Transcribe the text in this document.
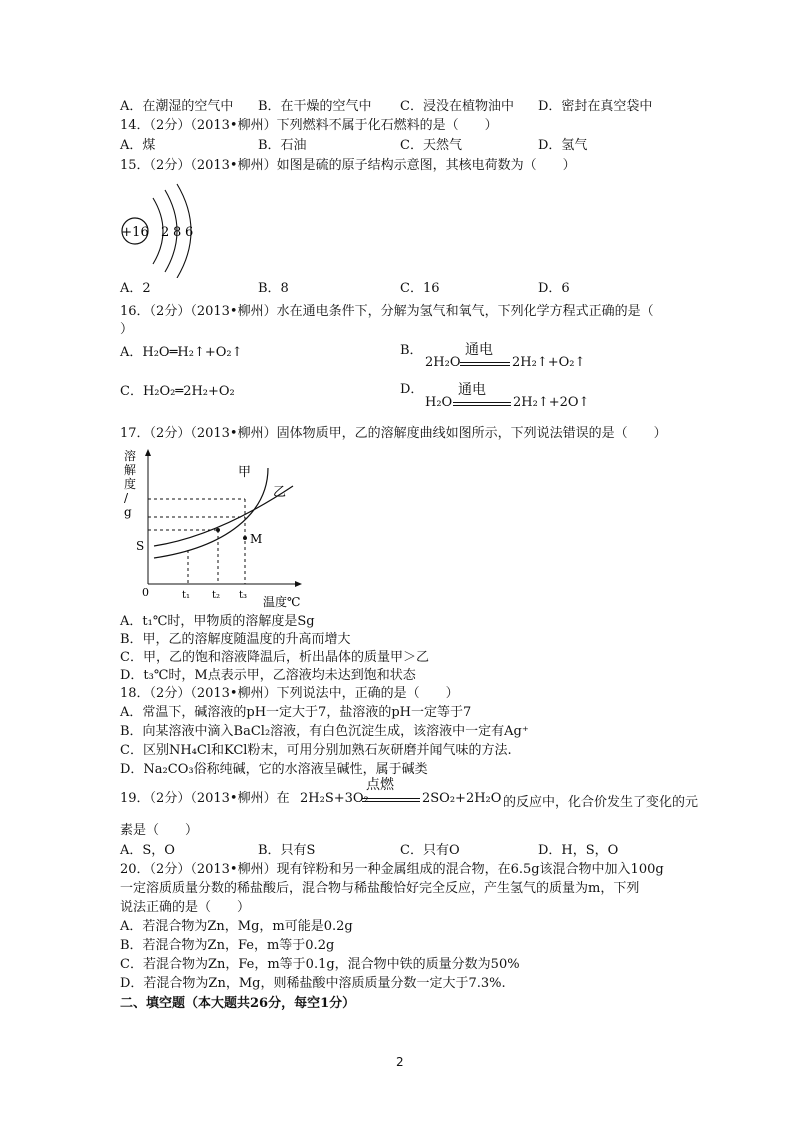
A．在潮湿的空气中 B．在干燥的空气中 C．浸没在植物油中 D．密封在真空袋中
14．（2分）（2013•柳州）下列燃料不属于化石燃料的是（　　）
A．煤	B．石油	C．天然气	D．氢气
15．（2分）（2013•柳州）如图是硫的原子结构示意图，其核电荷数为（　　）
+16 2 8 6
A．2	B．8	C．16	D．6
16．（2分）（2013•柳州）水在通电条件下，分解为氢气和氧气，下列化学方程式正确的是（
）
A．H₂O═H₂↑+O₂↑	B．
2H₂O
通电
2H₂↑+O₂↑
C．H₂O₂═2H₂+O₂	D．
H₂O
通电
2H₂↑+2O↑
17．（2分）（2013•柳州）固体物质甲，乙的溶解度曲线如图所示，下列说法错误的是（　　）
溶解度/ g
0
M
S
甲
乙
t₁ t₂ t₃ 温度℃
A．t₁℃时，甲物质的溶解度是Sg
B．甲，乙的溶解度随温度的升高而增大
C．甲，乙的饱和溶液降温后，析出晶体的质量甲＞乙
D．t₃℃时，M点表示甲，乙溶液均未达到饱和状态
18．（2分）（2013•柳州）下列说法中，正确的是（　　）
A．常温下，碱溶液的pH一定大于7，盐溶液的pH一定等于7
B．向某溶液中滴入BaCl₂溶液，有白色沉淀生成，该溶液中一定有Ag⁺
C．区别NH₄Cl和KCl粉末，可用分别加熟石灰研磨并闻气味的方法.
D．Na₂CO₃俗称纯碱，它的水溶液呈碱性，属于碱类
19．（2分）（2013•柳州）在 2H₂S+3O₂
点燃
2SO₂+2H₂O 的反应中，化合价发生了变化的元
素是（　　）
A．S，O	B．只有S	C．只有O	D．H，S，O
20．（2分）（2013•柳州）现有锌粉和另一种金属组成的混合物，在6.5g该混合物中加入100g
一定溶质质量分数的稀盐酸后，混合物与稀盐酸恰好完全反应，产生氢气的质量为m，下列
说法正确的是（　　）
A．若混合物为Zn，Mg，m可能是0.2g
B．若混合物为Zn，Fe，m等于0.2g
C．若混合物为Zn，Fe，m等于0.1g，混合物中铁的质量分数为50%
D．若混合物为Zn，Mg，则稀盐酸中溶质质量分数一定大于7.3%.
二、填空题（本大题共26分，每空1分）
2
